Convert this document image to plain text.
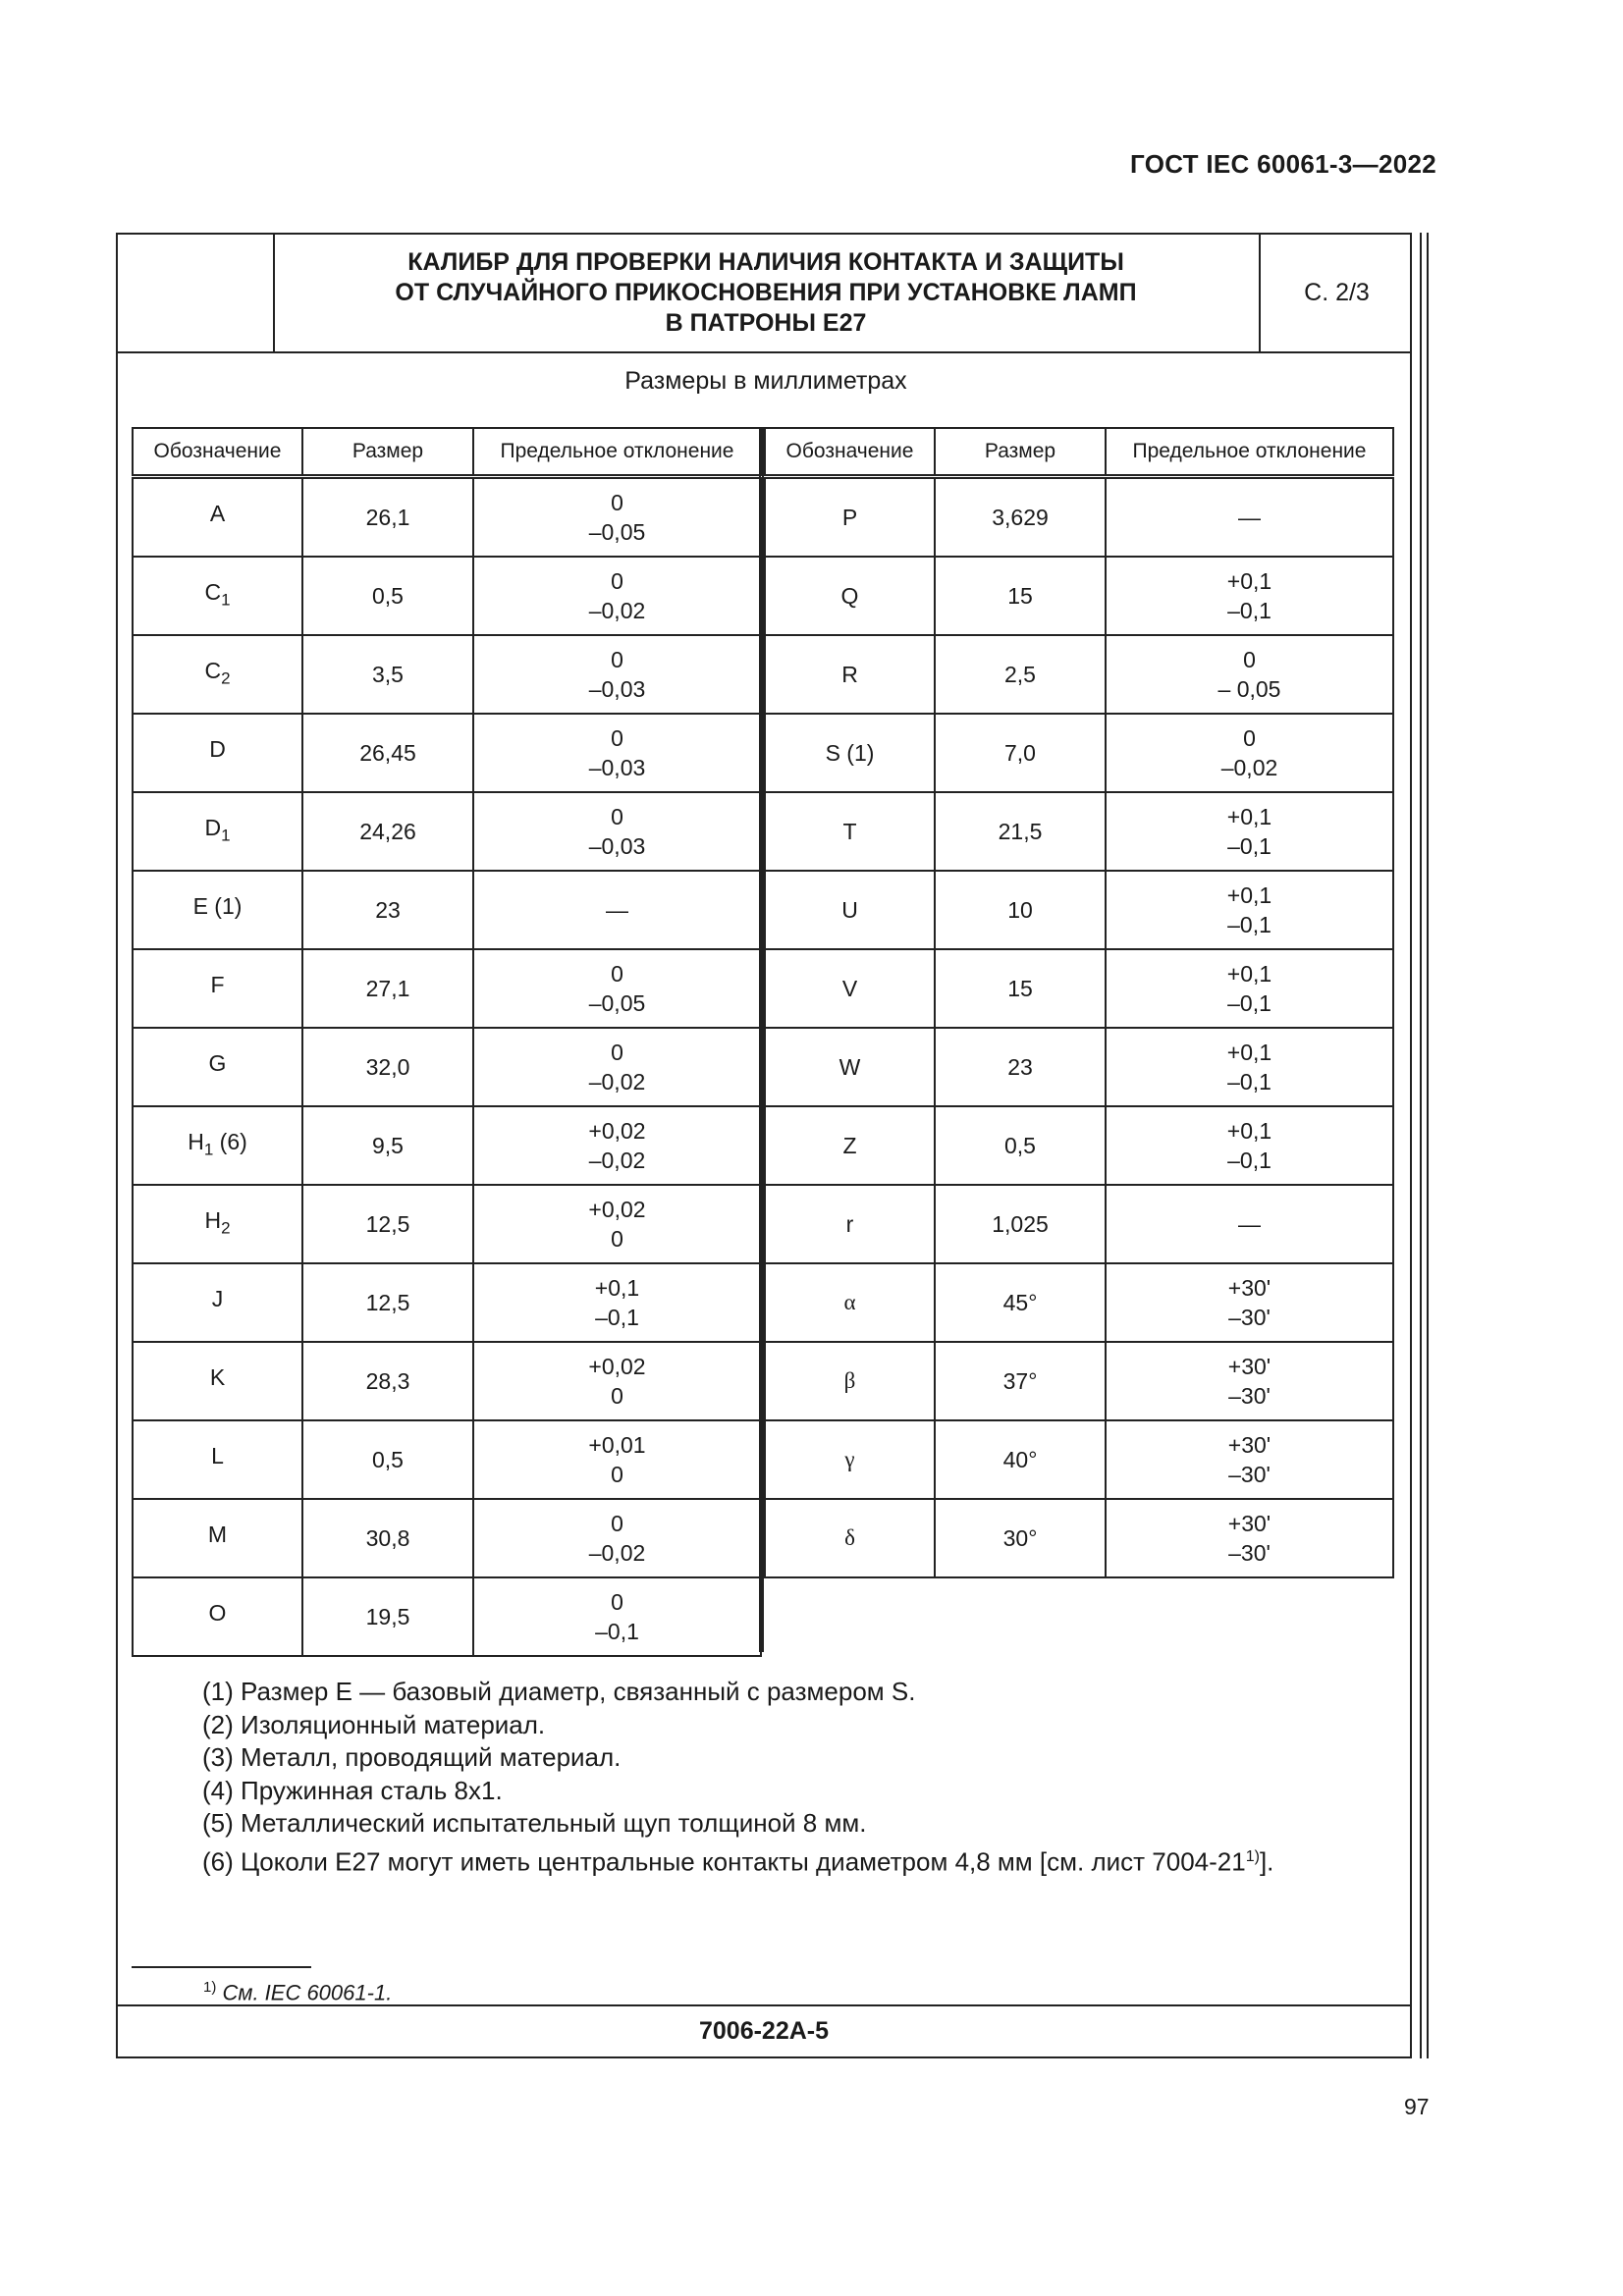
ГОСТ IEC 60061-3—2022
КАЛИБР ДЛЯ ПРОВЕРКИ НАЛИЧИЯ КОНТАКТА И ЗАЩИТЫ
ОТ СЛУЧАЙНОГО ПРИКОСНОВЕНИЯ ПРИ УСТАНОВКЕ ЛАМП
В ПАТРОНЫ Е27
С. 2/3
Размеры в миллиметрах
Обозначение	Размер	Предельное отклонение
A	26,1	0
–0,05

$C_1$	0,5	0
–0,02

$C_2$	3,5	0
–0,03

D	26,45	0
–0,03

$D_1$	24,26	0
–0,03

E (1)	23	—

F	27,1	0
–0,05

G	32,0	0
–0,02

$H_1$ (6)	9,5	+0,02
–0,02

$H_2$	12,5	+0,02
0

J	12,5	+0,1
–0,1

K	28,3	+0,02
0

L	0,5	+0,01
0

M	30,8	0
–0,02

O	19,5	0
–0,1
Обозначение	Размер	Предельное отклонение
P	3,629	—

Q	15	+0,1
–0,1

R	2,5	0
– 0,05

S (1)	7,0	0
–0,02

T	21,5	+0,1
–0,1

U	10	+0,1
–0,1

V	15	+0,1
–0,1

W	23	+0,1
–0,1

Z	0,5	+0,1
–0,1

r	1,025	—

α	45°	+30'
–30'

β	37°	+30'
–30'

γ	40°	+30'
–30'

δ	30°	+30'
–30'
(1) Размер Е — базовый диаметр, связанный с размером S.
(2) Изоляционный материал.
(3) Металл, проводящий материал.
(4) Пружинная сталь 8х1.
(5) Металлический испытательный щуп толщиной 8 мм.
(6) Цоколи Е27 могут иметь центральные контакты диаметром 4,8 мм [см. лист 7004-21$^{1)}$].
$^{1)}$ См. IEC 60061-1.
7006-22A-5
97
